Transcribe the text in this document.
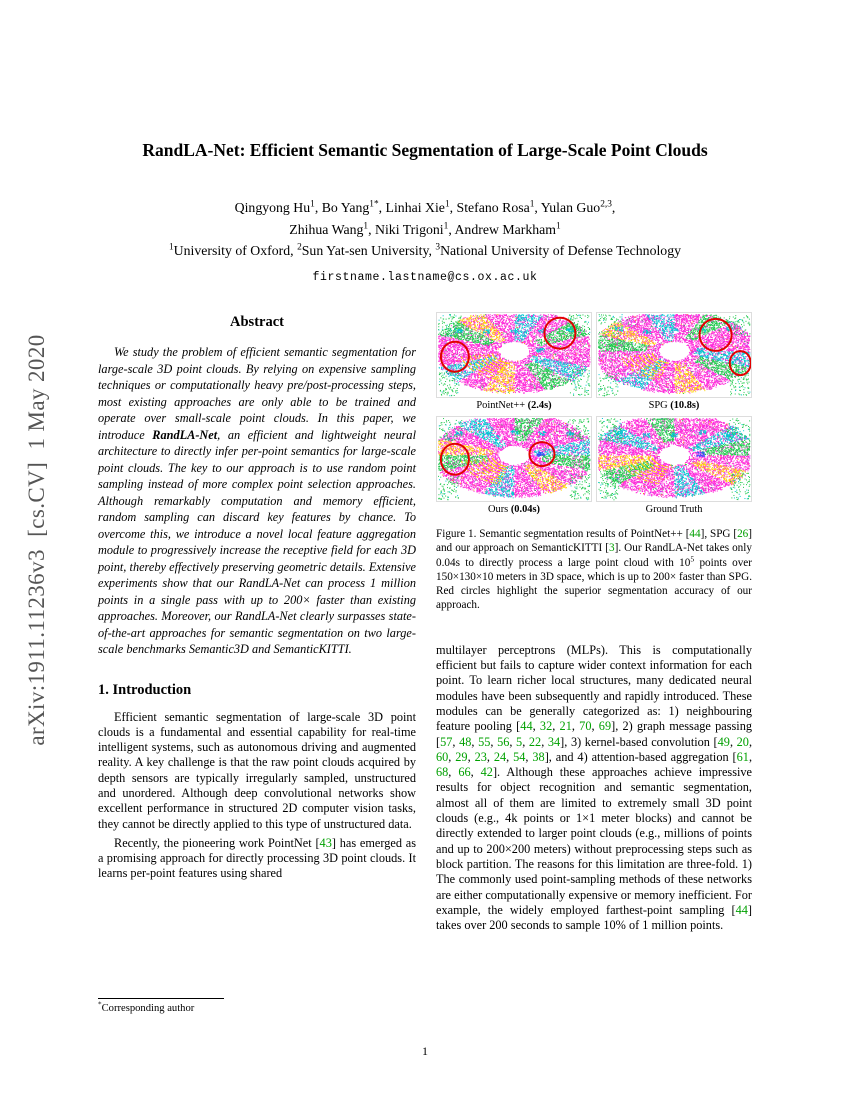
arXiv:1911.11236v3  [cs.CV]  1 May 2020
RandLA-Net: Efficient Semantic Segmentation of Large-Scale Point Clouds
Qingyong Hu$^1$, Bo Yang$^{1*}$, Linhai Xie$^1$, Stefano Rosa$^1$, Yulan Guo$^{2,3}$,
Zhihua Wang$^1$, Niki Trigoni$^1$, Andrew Markham$^1$
$^1$University of Oxford, $^2$Sun Yat-sen University, $^3$National University of Defense Technology
firstname.lastname@cs.ox.ac.uk
Abstract

We study the problem of efficient semantic segmentation for large-scale 3D point clouds. By relying on expensive sampling techniques or computationally heavy pre/post-processing steps, most existing approaches are only able to be trained and operate over small-scale point clouds. In this paper, we introduce RandLA-Net, an efficient and lightweight neural architecture to directly infer per-point semantics for large-scale point clouds. The key to our approach is to use random point sampling instead of more complex point selection approaches. Although remarkably computation and memory efficient, random sampling can discard key features by chance. To overcome this, we introduce a novel local feature aggregation module to progressively increase the receptive field for each 3D point, thereby effectively preserving geometric details. Extensive experiments show that our RandLA-Net can process 1 million points in a single pass with up to 200× faster than existing approaches. Moreover, our RandLA-Net clearly surpasses state-of-the-art approaches for semantic segmentation on two large-scale benchmarks Semantic3D and SemanticKITTI.

1. Introduction

Efficient semantic segmentation of large-scale 3D point clouds is a fundamental and essential capability for real-time intelligent systems, such as autonomous driving and augmented reality. A key challenge is that the raw point clouds acquired by depth sensors are typically irregularly sampled, unstructured and unordered. Although deep convolutional networks show excellent performance in structured 2D computer vision tasks, they cannot be directly applied to this type of unstructured data.

Recently, the pioneering work PointNet [43] has emerged as a promising approach for directly processing 3D point clouds. It learns per-point features using shared

PointNet++ (2.4s)	SPG (10.8s)
Ours (0.04s)	Ground Truth
Figure 1. Semantic segmentation results of PointNet++ [44], SPG [26] and our approach on SemanticKITTI [3]. Our RandLA-Net takes only 0.04s to directly process a large point cloud with $10^5$ points over 150×130×10 meters in 3D space, which is up to 200× faster than SPG. Red circles highlight the superior segmentation accuracy of our approach.

multilayer perceptrons (MLPs). This is computationally efficient but fails to capture wider context information for each point. To learn richer local structures, many dedicated neural modules have been subsequently and rapidly introduced. These modules can be generally categorized as: 1) neighbouring feature pooling [44, 32, 21, 70, 69], 2) graph message passing [57, 48, 55, 56, 5, 22, 34], 3) kernel-based convolution [49, 20, 60, 29, 23, 24, 54, 38], and 4) attention-based aggregation [61, 68, 66, 42]. Although these approaches achieve impressive results for object recognition and semantic segmentation, almost all of them are limited to extremely small 3D point clouds (e.g., 4k points or 1×1 meter blocks) and cannot be directly extended to larger point clouds (e.g., millions of points and up to 200×200 meters) without preprocessing steps such as block partition. The reasons for this limitation are three-fold. 1) The commonly used point-sampling methods of these networks are either computationally expensive or memory inefficient. For example, the widely employed farthest-point sampling [44] takes over 200 seconds to sample 10% of 1 million points.

*Corresponding author
1
